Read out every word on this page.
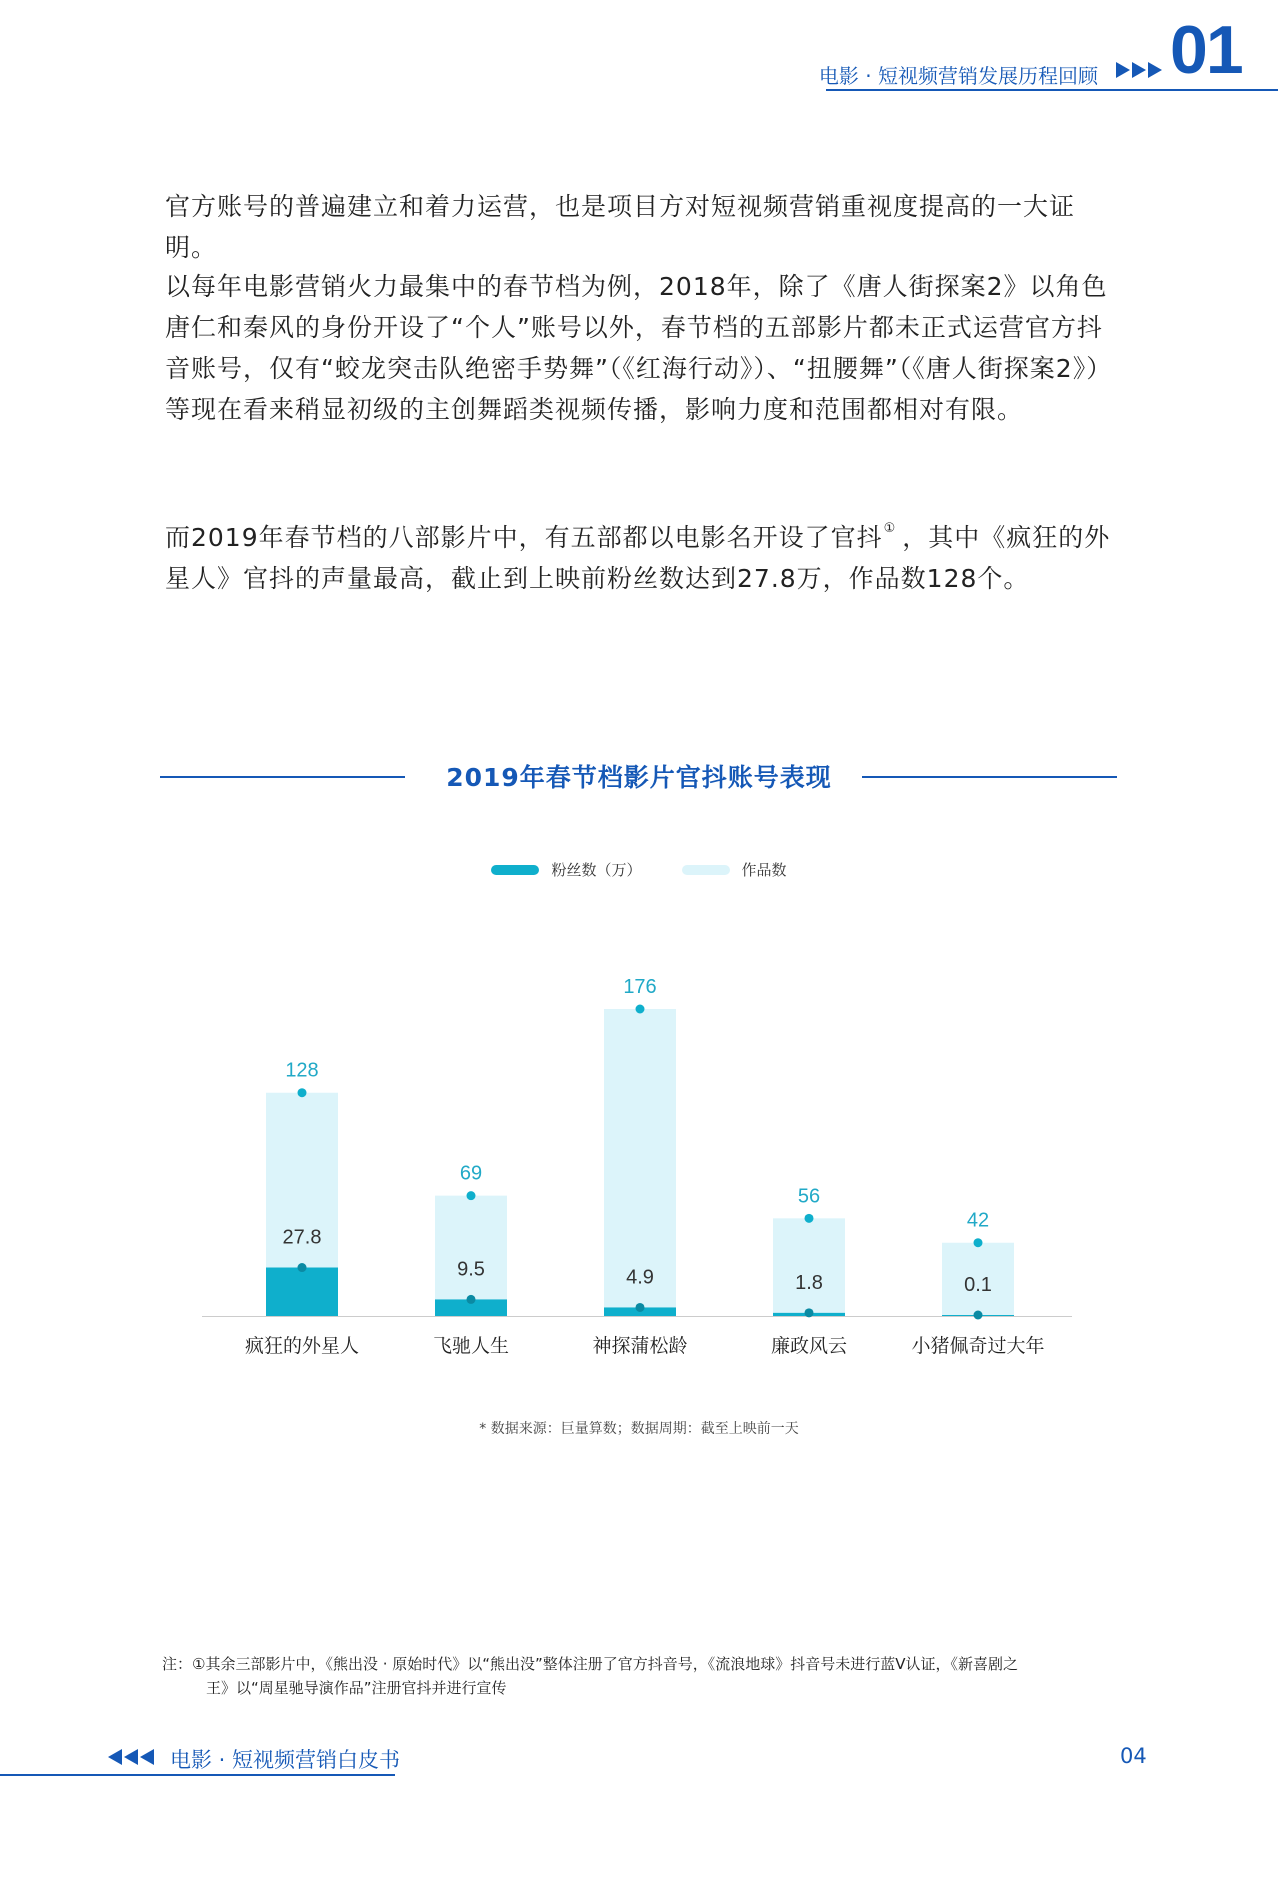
电影 · 短视频营销发展历程回顾 01

官方账号的普遍建立和着力运营，也是项目方对短视频营销重视度提高的一大证明。

以每年电影营销火力最集中的春节档为例，2018年，除了《唐人街探案2》以角色唐仁和秦风的身份开设了“个人”账号以外，春节档的五部影片都未正式运营官方抖音账号，仅有“蛟龙突击队绝密手势舞”（《红海行动》）、“扭腰舞”（《唐人街探案2》）等现在看来稍显初级的主创舞蹈类视频传播，影响力度和范围都相对有限。

而2019年春节档的八部影片中，有五部都以电影名开设了官抖① ，其中《疯狂的外星人》官抖的声量最高，截止到上映前粉丝数达到27.8万，作品数128个。

2019年春节档影片官抖账号表现
粉丝数（万）	作品数
128
27.8
疯狂的外星人
69
9.5
飞驰人生
176
4.9
神探蒲松龄
56
1.8
廉政风云
42
0.1
小猪佩奇过大年
* 数据来源：巨量算数；数据周期：截至上映前一天
注：①其余三部影片中，《熊出没 · 原始时代》以“熊出没”整体注册了官方抖音号，《流浪地球》抖音号未进行蓝V认证，《新喜剧之
王》以“周星驰导演作品”注册官抖并进行宣传
电影 · 短视频营销白皮书	04
